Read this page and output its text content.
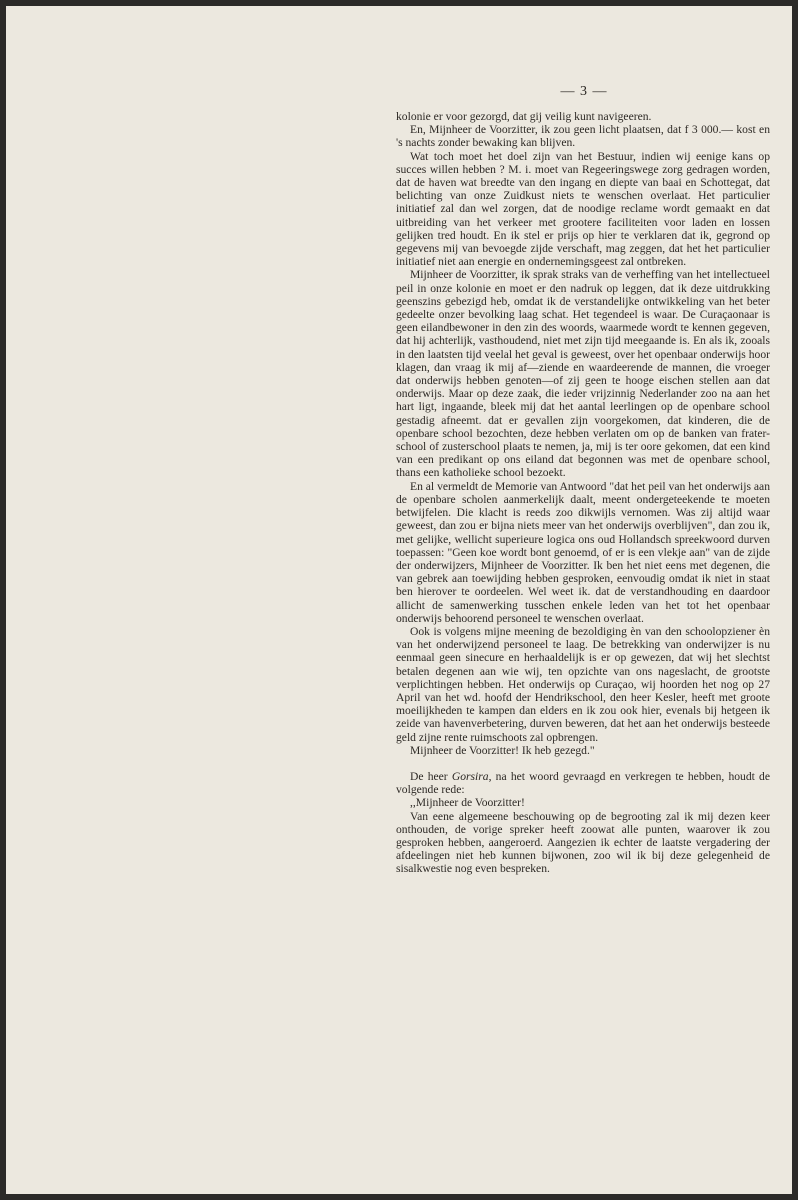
— 3 —

kolonie er voor gezorgd, dat gij veilig kunt navigeeren.

En, Mijnheer de Voorzitter, ik zou geen licht plaatsen, dat f 3 000.— kost en 's nachts zonder bewaking kan blijven.

Wat toch moet het doel zijn van het Bestuur, indien wij eenige kans op succes willen hebben ? M. i. moet van Regeeringswege zorg gedragen worden, dat de haven wat breedte van den ingang en diepte van baai en Schottegat, dat belichting van onze Zuidkust niets te wenschen overlaat. Het particulier initiatief zal dan wel zorgen, dat de noodige reclame wordt gemaakt en dat uitbreiding van het verkeer met grootere faciliteiten voor laden en lossen gelijken tred houdt. En ik stel er prijs op hier te verklaren dat ik, gegrond op gegevens mij van bevoegde zijde verschaft, mag zeggen, dat het het particulier initiatief niet aan energie en ondernemingsgeest zal ontbreken.

Mijnheer de Voorzitter, ik sprak straks van de verheffing van het intellectueel peil in onze kolonie en moet er den nadruk op leggen, dat ik deze uitdrukking geenszins gebezigd heb, omdat ik de verstandelijke ontwikkeling van het beter gedeelte onzer bevolking laag schat. Het tegendeel is waar. De Curaçaonaar is geen eilandbewoner in den zin des woords, waarmede wordt te kennen gegeven, dat hij achterlijk, vasthoudend, niet met zijn tijd meegaande is. En als ik, zooals in den laatsten tijd veelal het geval is geweest, over het openbaar onderwijs hoor klagen, dan vraag ik mij af—ziende en waardeerende de mannen, die vroeger dat onderwijs hebben genoten—of zij geen te hooge eischen stellen aan dat onderwijs. Maar op deze zaak, die ieder vrijzinnig Nederlander zoo na aan het hart ligt, ingaande, bleek mij dat het aantal leerlingen op de openbare school gestadig afneemt. dat er gevallen zijn voorgekomen, dat kinderen, die de openbare school bezochten, deze hebben verlaten om op de banken van frater-school of zusterschool plaats te nemen, ja, mij is ter oore gekomen, dat een kind van een predikant op ons eiland dat begonnen was met de openbare school, thans een katholieke school bezoekt.

En al vermeldt de Memorie van Antwoord "dat het peil van het onderwijs aan de openbare scholen aanmerkelijk daalt, meent ondergeteekende te moeten betwijfelen. Die klacht is reeds zoo dikwijls vernomen. Was zij altijd waar geweest, dan zou er bijna niets meer van het onderwijs overblijven", dan zou ik, met gelijke, wellicht superieure logica ons oud Hollandsch spreekwoord durven toepassen: "Geen koe wordt bont genoemd, of er is een vlekje aan" van de zijde der onderwijzers, Mijnheer de Voorzitter. Ik ben het niet eens met degenen, die van gebrek aan toewijding hebben gesproken, eenvoudig omdat ik niet in staat ben hierover te oordeelen. Wel weet ik. dat de verstandhouding en daardoor allicht de samenwerking tusschen enkele leden van het tot het openbaar onderwijs behoorend personeel te wenschen overlaat.

Ook is volgens mijne meening de bezoldiging èn van den schoolopziener èn van het onderwijzend personeel te laag. De betrekking van onderwijzer is nu eenmaal geen sinecure en herhaaldelijk is er op gewezen, dat wij het slechtst betalen degenen aan wie wij, ten opzichte van ons nageslacht, de grootste verplichtingen hebben. Het onderwijs op Curaçao, wij hoorden het nog op 27 April van het wd. hoofd der Hendrikschool, den heer Kesler, heeft met groote moeilijkheden te kampen dan elders en ik zou ook hier, evenals bij hetgeen ik zeide van havenverbetering, durven beweren, dat het aan het onderwijs besteede geld zijne rente ruimschoots zal opbrengen.

Mijnheer de Voorzitter! Ik heb gezegd."

De heer Gorsira, na het woord gevraagd en verkregen te hebben, houdt de volgende rede:

,,Mijnheer de Voorzitter!

Van eene algemeene beschouwing op de begrooting zal ik mij dezen keer onthouden, de vorige spreker heeft zoowat alle punten, waarover ik zou gesproken hebben, aangeroerd. Aangezien ik echter de laatste vergadering der afdeelingen niet heb kunnen bijwonen, zoo wil ik bij deze gelegenheid de sisalkwestie nog even bespreken.
